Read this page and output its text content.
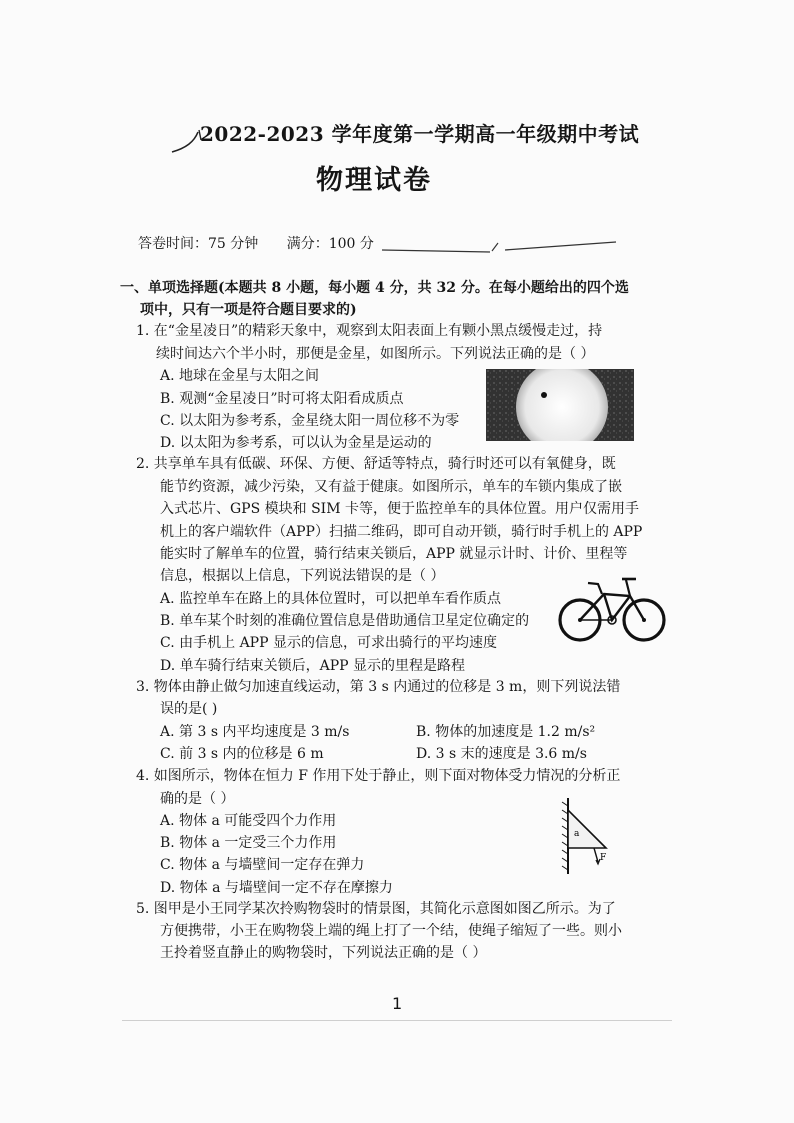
2022-2023 学年度第一学期高一年级期中考试
物理试卷
答卷时间：75 分钟 满分：100 分
一、单项选择题(本题共 8 小题，每小题 4 分，共 32 分。在每小题给出的四个选
项中，只有一项是符合题目要求的)
1. 在“金星凌日”的精彩天象中，观察到太阳表面上有颗小黑点缓慢走过，持
续时间达六个半小时，那便是金星，如图所示。下列说法正确的是（ ）
A. 地球在金星与太阳之间
B. 观测“金星凌日”时可将太阳看成质点
C. 以太阳为参考系，金星绕太阳一周位移不为零
D. 以太阳为参考系，可以认为金星是运动的
2. 共享单车具有低碳、环保、方便、舒适等特点，骑行时还可以有氧健身，既
能节约资源，减少污染，又有益于健康。如图所示，单车的车锁内集成了嵌
入式芯片、GPS 模块和 SIM 卡等，便于监控单车的具体位置。用户仅需用手
机上的客户端软件（APP）扫描二维码，即可自动开锁，骑行时手机上的 APP
能实时了解单车的位置，骑行结束关锁后，APP 就显示计时、计价、里程等
信息，根据以上信息，下列说法错误的是（ ）
A. 监控单车在路上的具体位置时，可以把单车看作质点
B. 单车某个时刻的准确位置信息是借助通信卫星定位确定的
C. 由手机上 APP 显示的信息，可求出骑行的平均速度
D. 单车骑行结束关锁后，APP 显示的里程是路程
3. 物体由静止做匀加速直线运动，第 3 s 内通过的位移是 3 m，则下列说法错
误的是( )
A. 第 3 s 内平均速度是 3 m/s	B. 物体的加速度是 1.2 m/s²
C. 前 3 s 内的位移是 6 m	D. 3 s 末的速度是 3.6 m/s
4. 如图所示，物体在恒力 F 作用下处于静止，则下面对物体受力情况的分析正
确的是（ ）
A. 物体 a 可能受四个力作用
B. 物体 a 一定受三个力作用
C. 物体 a 与墙壁间一定存在弹力
D. 物体 a 与墙壁间一定不存在摩擦力
a
F
5. 图甲是小王同学某次拎购物袋时的情景图，其简化示意图如图乙所示。为了
方便携带，小王在购物袋上端的绳上打了一个结，使绳子缩短了一些。则小
王拎着竖直静止的购物袋时，下列说法正确的是（ ）
1
